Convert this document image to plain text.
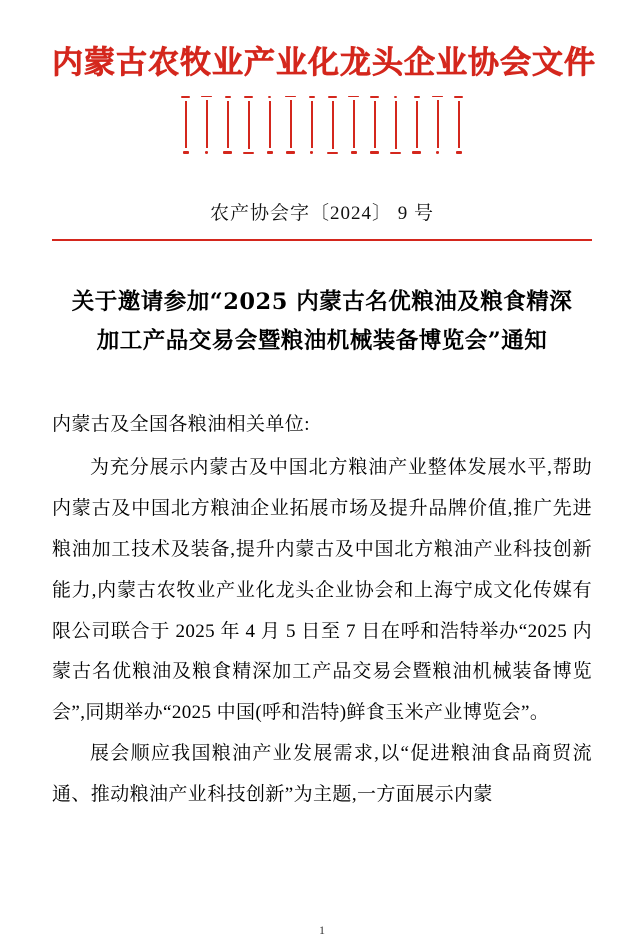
内蒙古农牧业产业化龙头企业协会文件
农产协会字〔2024〕 9 号
关于邀请参加“2025 内蒙古名优粮油及粮食精深
加工产品交易会暨粮油机械装备博览会”通知

内蒙古及全国各粮油相关单位:

为充分展示内蒙古及中国北方粮油产业整体发展水平,帮助内蒙古及中国北方粮油企业拓展市场及提升品牌价值,推广先进粮油加工技术及装备,提升内蒙古及中国北方粮油产业科技创新能力,内蒙古农牧业产业化龙头企业协会和上海宁成文化传媒有限公司联合于 2025 年 4 月 5 日至 7 日在呼和浩特举办“2025 内蒙古名优粮油及粮食精深加工产品交易会暨粮油机械装备博览会”,同期举办“2025 中国(呼和浩特)鲜食玉米产业博览会”。

展会顺应我国粮油产业发展需求,以“促进粮油食品商贸流通、推动粮油产业科技创新”为主题,一方面展示内蒙

1
